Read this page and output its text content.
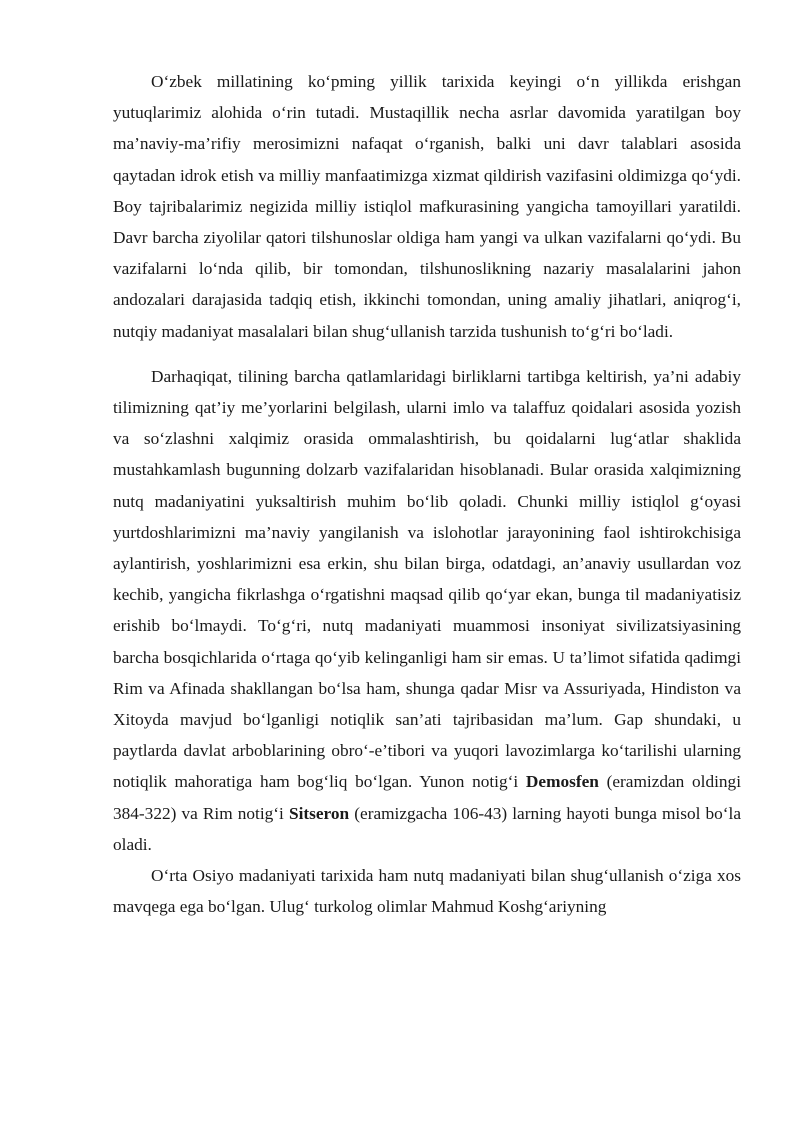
O‘zbek millatining ko‘pming yillik tarixida keyingi o‘n yillikda erishgan yutuqlarimiz alohida o‘rin tutadi. Mustaqillik necha asrlar davomida yaratilgan boy ma’naviy-ma’rifiy merosimizni nafaqat o‘rganish, balki uni davr talablari asosida qaytadan idrok etish va milliy manfaatimizga xizmat qildirish vazifasini oldimizga qo‘ydi. Boy tajribalarimiz negizida milliy istiqlol mafkurasining yangicha tamoyillari yaratildi. Davr barcha ziyolilar qatori tilshunoslar oldiga ham yangi va ulkan vazifalarni qo‘ydi. Bu vazifalarni lo‘nda qilib, bir tomondan, tilshunoslikning nazariy masalalarini jahon andozalari darajasida tadqiq etish, ikkinchi tomondan, uning amaliy jihatlari, aniqrog‘i, nutqiy madaniyat masalalari bilan shug‘ullanish tarzida tushunish to‘g‘ri bo‘ladi.

Darhaqiqat, tilining barcha qatlamlaridagi birliklarni tartibga keltirish, ya’ni adabiy tilimizning qat’iy me’yorlarini belgilash, ularni imlo va talaffuz qoidalari asosida yozish va so‘zlashni xalqimiz orasida ommalashtirish, bu qoidalarni lug‘atlar shaklida mustahkamlash bugunning dolzarb vazifalaridan hisoblanadi. Bular orasida xalqimizning nutq madaniyatini yuksaltirish muhim bo‘lib qoladi. Chunki milliy istiqlol g‘oyasi yurtdoshlarimizni ma’naviy yangilanish va islohotlar jarayonining faol ishtirokchisiga aylantirish, yoshlarimizni esa erkin, shu bilan birga, odatdagi, an’anaviy usullardan voz kechib, yangicha fikrlashga o‘rgatishni maqsad qilib qo‘yar ekan, bunga til madaniyatisiz erishib bo‘lmaydi. To‘g‘ri, nutq madaniyati muammosi insoniyat sivilizatsiyasining barcha bosqichlarida o‘rtaga qo‘yib kelinganligi ham sir emas. U ta’limot sifatida qadimgi Rim va Afinada shakllangan bo‘lsa ham, shunga qadar Misr va Assuriyada, Hindiston va Xitoyda mavjud bo‘lganligi notiqlik san’ati tajribasidan ma’lum. Gap shundaki, u paytlarda davlat arboblarining obro‘-e’tibori va yuqori lavozimlarga ko‘tarilishi ularning notiqlik mahoratiga ham bog‘liq bo‘lgan. Yunon notig‘i Demosfen (eramizdan oldingi 384-322) va Rim notig‘i Sitseron (eramizgacha 106-43) larning hayoti bunga misol bo‘la oladi.

O‘rta Osiyo madaniyati tarixida ham nutq madaniyati bilan shug‘ullanish o‘ziga xos mavqega ega bo‘lgan. Ulug‘ turkolog olimlar Mahmud Koshg‘ariyning
